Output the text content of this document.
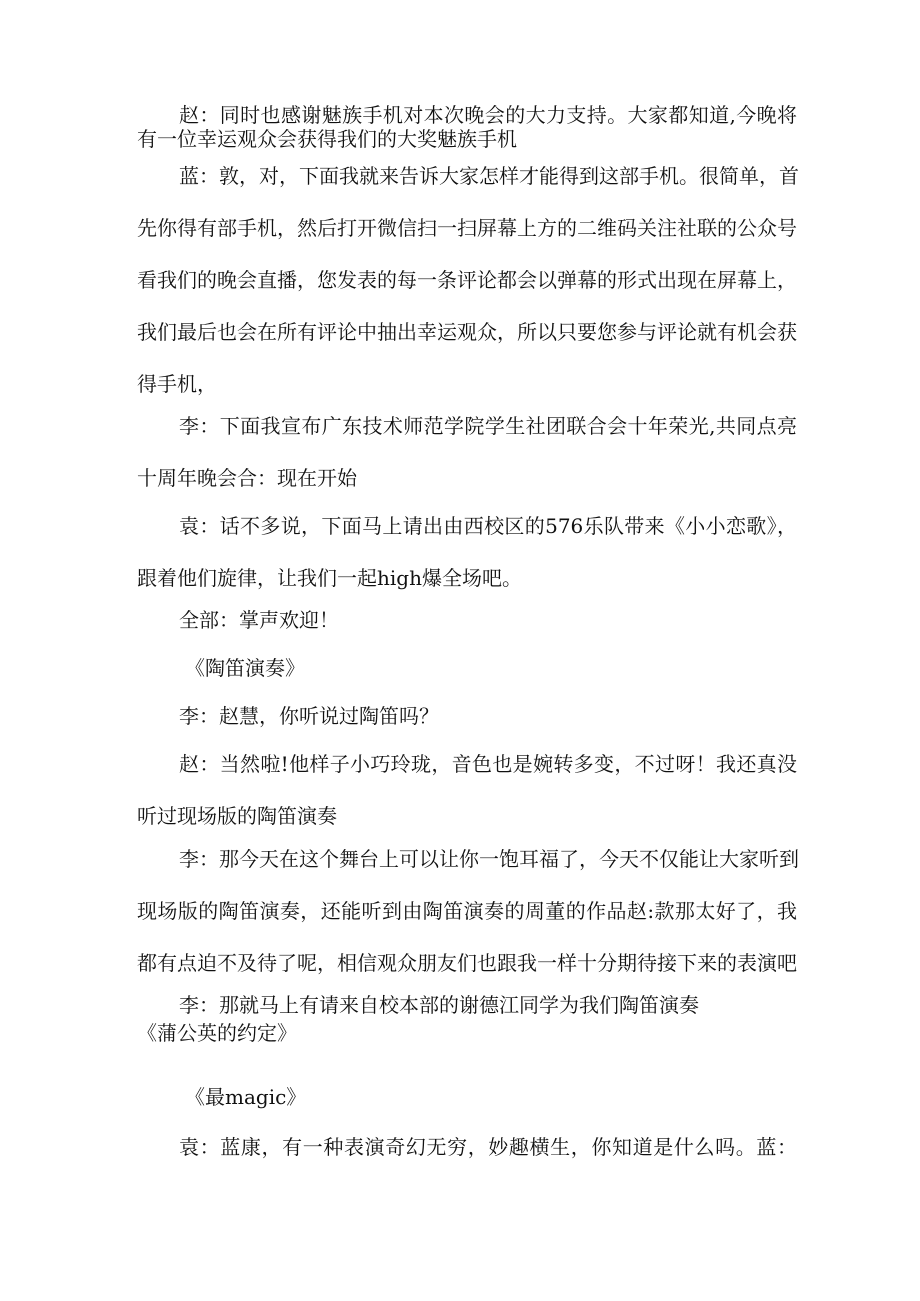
赵：同时也感谢魅族手机对本次晚会的大力支持。大家都知道,今晚将
有一位幸运观众会获得我们的大奖魅族手机
蓝：敦，对，下面我就来告诉大家怎样才能得到这部手机。很简单，首
先你得有部手机，然后打开微信扫一扫屏幕上方的二维码关注社联的公众号
看我们的晚会直播，您发表的每一条评论都会以弹幕的形式出现在屏幕上，
我们最后也会在所有评论中抽出幸运观众，所以只要您参与评论就有机会获
得手机，
李：下面我宣布广东技术师范学院学生社团联合会十年荣光,共同点亮
十周年晚会合：现在开始
袁：话不多说，下面马上请出由西校区的576乐队带来《小小恋歌》，
跟着他们旋律，让我们一起high爆全场吧。
全部：掌声欢迎！
《陶笛演奏》
李：赵慧，你听说过陶笛吗？
赵：当然啦!他样子小巧玲珑，音色也是婉转多变，不过呀！我还真没
听过现场版的陶笛演奏
李：那今天在这个舞台上可以让你一饱耳福了，今天不仅能让大家听到
现场版的陶笛演奏，还能听到由陶笛演奏的周董的作品赵:款那太好了，我
都有点迫不及待了呢，相信观众朋友们也跟我一样十分期待接下来的表演吧
李：那就马上有请来自校本部的谢德江同学为我们陶笛演奏
《蒲公英的约定》
《最magic》
袁：蓝康，有一种表演奇幻无穷，妙趣横生，你知道是什么吗。蓝：
